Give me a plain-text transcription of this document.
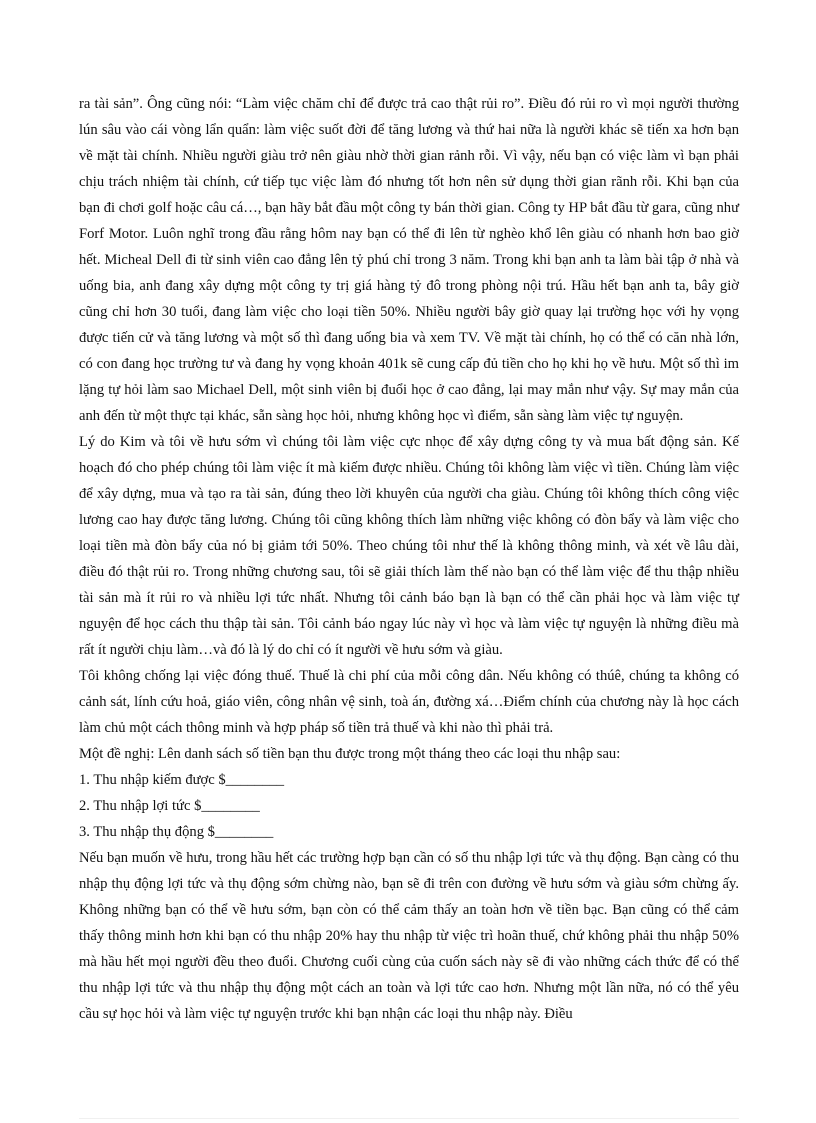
ra tài sản”. Ông cũng nói: “Làm việc chăm chỉ để được trả cao thật rủi ro”. Điều đó rủi ro vì mọi người thường lún sâu vào cái vòng lẩn quẩn: làm việc suốt đời để tăng lương và thứ hai nữa là người khác sẽ tiến xa hơn bạn về mặt tài chính. Nhiều người giàu trở nên giàu nhờ thời gian rảnh rỗi. Vì vậy, nếu bạn có việc làm vì bạn phải chịu trách nhiệm tài chính, cứ tiếp tục việc làm đó nhưng tốt hơn nên sử dụng thời gian rãnh rỗi. Khi bạn của bạn đi chơi golf hoặc câu cá…, bạn hãy bắt đầu một công ty bán thời gian. Công ty HP bắt đầu từ gara, cũng như Forf Motor. Luôn nghĩ trong đầu rằng hôm nay bạn có thể đi lên từ nghèo khổ lên giàu có nhanh hơn bao giờ hết. Micheal Dell đi từ sinh viên cao đẳng lên tỷ phú chỉ trong 3 năm. Trong khi bạn anh ta làm bài tập ở nhà và uống bia, anh đang xây dựng một công ty trị giá hàng tỷ đô trong phòng nội trú. Hầu hết bạn anh ta, bây giờ cũng chỉ hơn 30 tuổi, đang làm việc cho loại tiền 50%. Nhiều người bây giờ quay lại trường học với hy vọng được tiến cử và tăng lương và một số thì đang uống bia và xem TV. Về mặt tài chính, họ có thể có căn nhà lớn, có con đang học trường tư và đang hy vọng khoản 401k sẽ cung cấp đủ tiền cho họ khi họ về hưu. Một số thì im lặng tự hỏi làm sao Michael Dell, một sinh viên bị đuổi học ở cao đẳng, lại may mắn như vậy. Sự may mắn của anh đến từ một thực tại khác, sẵn sàng học hỏi, nhưng không học vì điểm, sẵn sàng làm việc tự nguyện.

Lý do Kim và tôi về hưu sớm vì chúng tôi làm việc cực nhọc để xây dựng công ty và mua bất động sản. Kế hoạch đó cho phép chúng tôi làm việc ít mà kiếm được nhiều. Chúng tôi không làm việc vì tiền. Chúng làm việc để xây dựng, mua và tạo ra tài sản, đúng theo lời khuyên của người cha giàu. Chúng tôi không thích công việc lương cao hay được tăng lương. Chúng tôi cũng không thích làm những việc không có đòn bẩy và làm việc cho loại tiền mà đòn bẩy của nó bị giảm tới 50%. Theo chúng tôi như thế là không thông minh, và xét về lâu dài, điều đó thật rủi ro. Trong những chương sau, tôi sẽ giải thích làm thế nào bạn có thể làm việc để thu thập nhiều tài sản mà ít rủi ro và nhiều lợi tức nhất. Nhưng tôi cảnh báo bạn là bạn có thể cần phải học và làm việc tự nguyện để học cách thu thập tài sản. Tôi cảnh báo ngay lúc này vì học và làm việc tự nguyện là những điều mà rất ít người chịu làm…và đó là lý do chỉ có ít người về hưu sớm và giàu.

Tôi không chống lại việc đóng thuế. Thuế là chi phí của mỗi công dân. Nếu không có thúê, chúng ta không có cảnh sát, lính cứu hoả, giáo viên, công nhân vệ sinh, toà án, đường xá…Điểm chính của chương này là học cách làm chủ một cách thông minh và hợp pháp số tiền trả thuế và khi nào thì phải trả.

Một đề nghị: Lên danh sách số tiền bạn thu được trong một tháng theo các loại thu nhập sau:

1. Thu nhập kiếm được $________

2. Thu nhập lợi tức $________

3. Thu nhập thụ động $________

Nếu bạn muốn về hưu, trong hầu hết các trường hợp bạn cần có số thu nhập lợi tức và thụ động. Bạn càng có thu nhập thụ động lợi tức và thụ động sớm chừng nào, bạn sẽ đi trên con đường về hưu sớm và giàu sớm chừng ấy. Không những bạn có thể về hưu sớm, bạn còn có thể cảm thấy an toàn hơn về tiền bạc. Bạn cũng có thể cảm thấy thông minh hơn khi bạn có thu nhập 20% hay thu nhập từ việc trì hoãn thuế, chứ không phải thu nhập 50% mà hầu hết mọi người đều theo đuổi. Chương cuối cùng của cuốn sách này sẽ đi vào những cách thức để có thể thu nhập lợi tức và thu nhập thụ động một cách an toàn và lợi tức cao hơn. Nhưng một lần nữa, nó có thể yêu cầu sự học hỏi và làm việc tự nguyện trước khi bạn nhận các loại thu nhập này. Điều
